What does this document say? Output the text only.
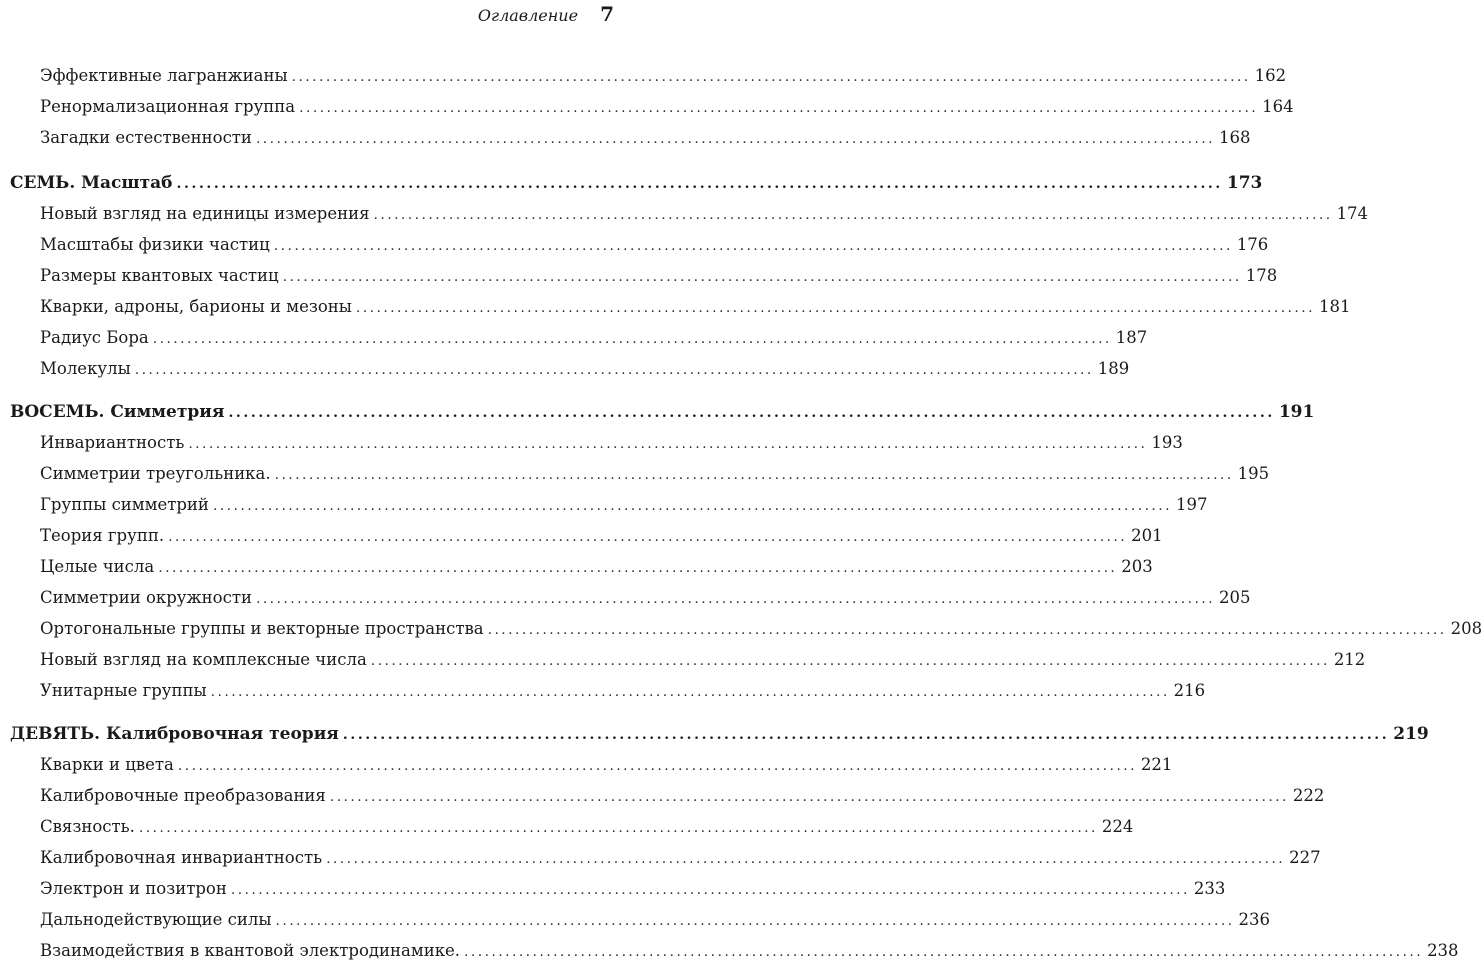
Оглавление 7
Эффективные лагранжианы ............................................................................................................................................ 162
Ренормализационная группа ............................................................................................................................................ 164
Загадки естественности ............................................................................................................................................ 168
СЕМЬ. Масштаб ............................................................................................................................................ 173
Новый взгляд на единицы измерения ............................................................................................................................................ 174
Масштабы физики частиц ............................................................................................................................................ 176
Размеры квантовых частиц ............................................................................................................................................ 178
Кварки, адроны, барионы и мезоны ............................................................................................................................................ 181
Радиус Бора ............................................................................................................................................ 187
Молекулы ............................................................................................................................................ 189
ВОСЕМЬ. Симметрия ............................................................................................................................................ 191
Инвариантность ............................................................................................................................................ 193
Симметрии треугольника. ............................................................................................................................................ 195
Группы симметрий ............................................................................................................................................ 197
Теория групп. ............................................................................................................................................ 201
Целые числа ............................................................................................................................................ 203
Симметрии окружности ............................................................................................................................................ 205
Ортогональные группы и векторные пространства ............................................................................................................................................ 208
Новый взгляд на комплексные числа ............................................................................................................................................ 212
Унитарные группы ............................................................................................................................................ 216
ДЕВЯТЬ. Калибровочная теория ............................................................................................................................................ 219
Кварки и цвета ............................................................................................................................................ 221
Калибровочные преобразования ............................................................................................................................................ 222
Связность. ............................................................................................................................................ 224
Калибровочная инвариантность ............................................................................................................................................ 227
Электрон и позитрон ............................................................................................................................................ 233
Дальнодействующие силы ............................................................................................................................................ 236
Взаимодействия в квантовой электродинамике. ............................................................................................................................................ 238
